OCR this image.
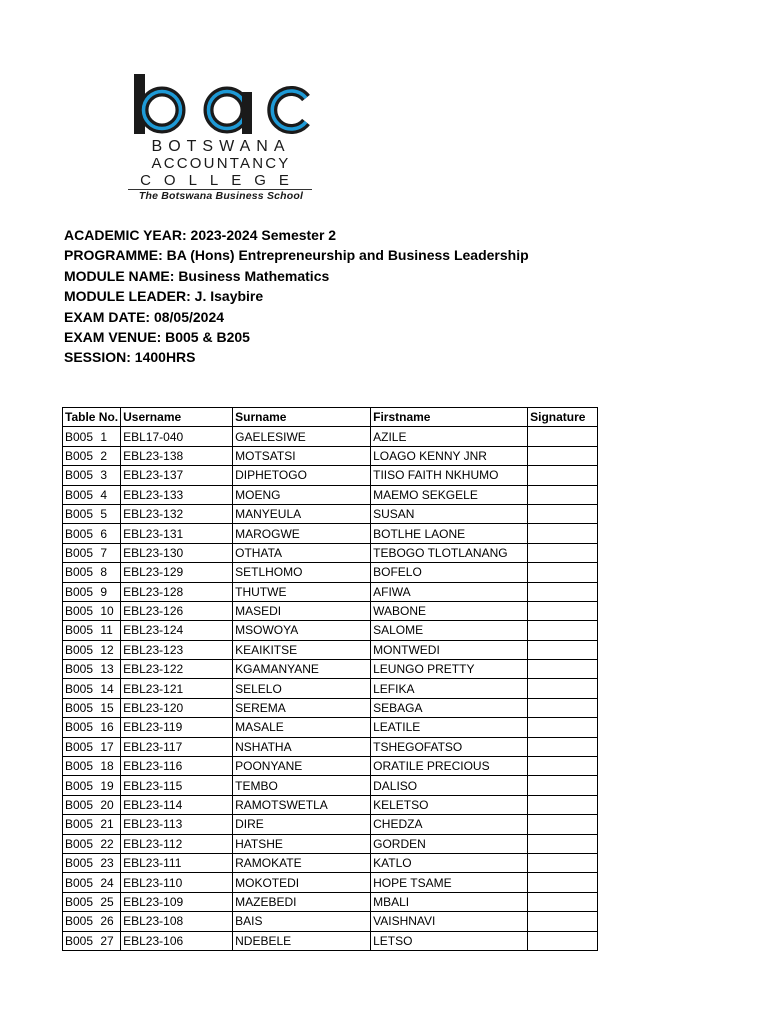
BOTSWANA
ACCOUNTANCY
COLLEGE
The Botswana Business School
ACADEMIC YEAR: 2023-2024 Semester 2
PROGRAMME: BA (Hons) Entrepreneurship and Business Leadership
MODULE NAME: Business Mathematics
MODULE LEADER: J. Isaybire
EXAM DATE: 08/05/2024
EXAM VENUE: B005 & B205
SESSION: 1400HRS
Table No.	Username	Surname	Firstname	Signature
B005 1	EBL17-040	GAELESIWE	AZILE	
B005 2	EBL23-138	MOTSATSI	LOAGO KENNY JNR	
B005 3	EBL23-137	DIPHETOGO	TIISO FAITH NKHUMO	
B005 4	EBL23-133	MOENG	MAEMO SEKGELE	
B005 5	EBL23-132	MANYEULA	SUSAN	
B005 6	EBL23-131	MAROGWE	BOTLHE LAONE	
B005 7	EBL23-130	OTHATA	TEBOGO TLOTLANANG	
B005 8	EBL23-129	SETLHOMO	BOFELO	
B005 9	EBL23-128	THUTWE	AFIWA	
B005 10	EBL23-126	MASEDI	WABONE	
B005 11	EBL23-124	MSOWOYA	SALOME	
B005 12	EBL23-123	KEAIKITSE	MONTWEDI	
B005 13	EBL23-122	KGAMANYANE	LEUNGO PRETTY	
B005 14	EBL23-121	SELELO	LEFIKA	
B005 15	EBL23-120	SEREMA	SEBAGA	
B005 16	EBL23-119	MASALE	LEATILE	
B005 17	EBL23-117	NSHATHA	TSHEGOFATSO	
B005 18	EBL23-116	POONYANE	ORATILE PRECIOUS	
B005 19	EBL23-115	TEMBO	DALISO	
B005 20	EBL23-114	RAMOTSWETLA	KELETSO	
B005 21	EBL23-113	DIRE	CHEDZA	
B005 22	EBL23-112	HATSHE	GORDEN	
B005 23	EBL23-111	RAMOKATE	KATLO	
B005 24	EBL23-110	MOKOTEDI	HOPE TSAME	
B005 25	EBL23-109	MAZEBEDI	MBALI	
B005 26	EBL23-108	BAIS	VAISHNAVI	
B005 27	EBL23-106	NDEBELE	LETSO	
